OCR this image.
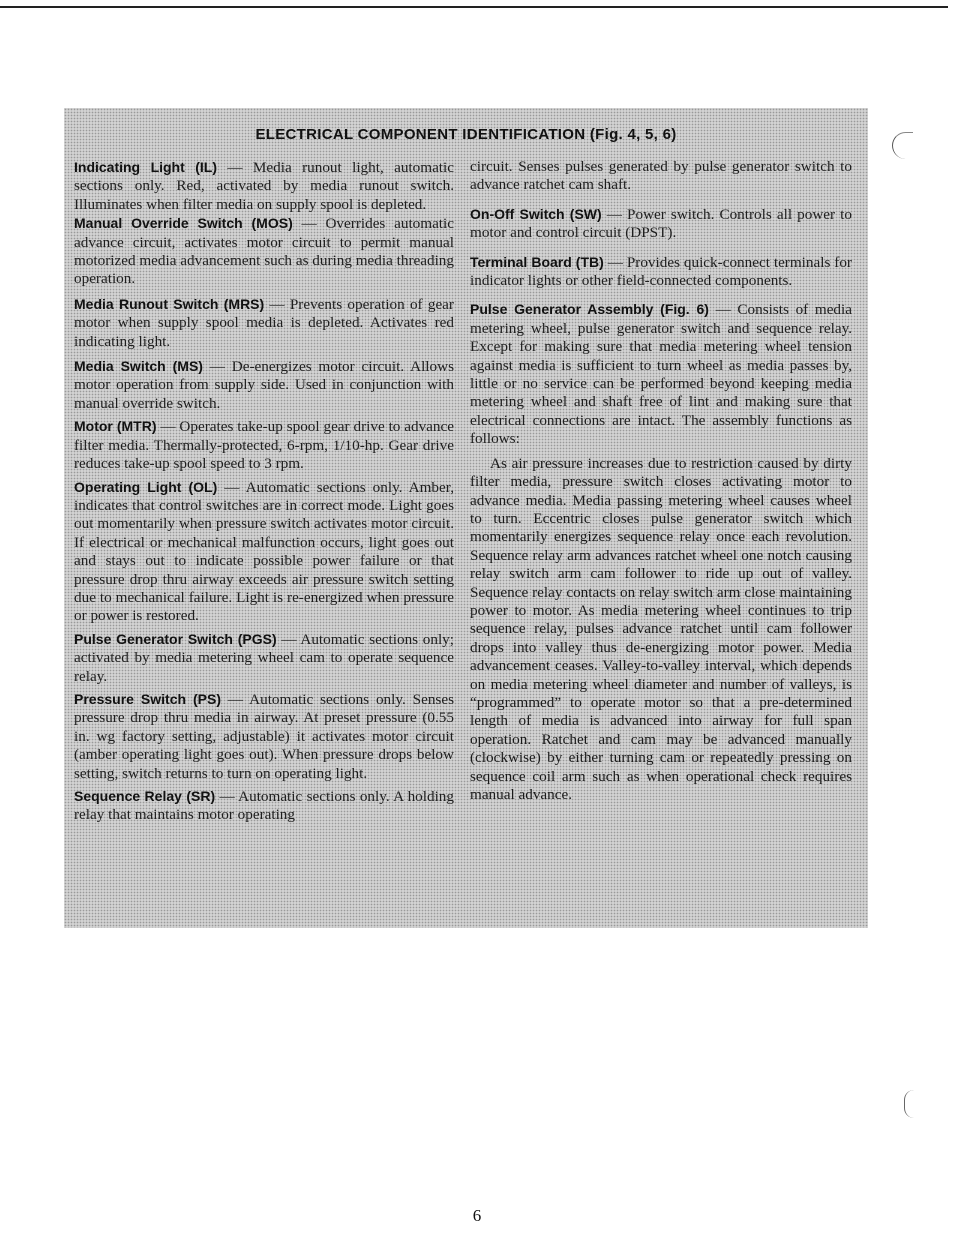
ELECTRICAL COMPONENT IDENTIFICATION (Fig. 4, 5, 6)
Indicating Light (IL) — Media runout light, automatic sections only. Red, activated by media runout switch. Illuminates when filter media on supply spool is depleted.
Manual Override Switch (MOS) — Overrides automatic advance circuit, activates motor circuit to permit manual motorized media advancement such as during media threading operation.
Media Runout Switch (MRS) — Prevents operation of gear motor when supply spool media is depleted. Activates red indicating light.
Media Switch (MS) — De-energizes motor circuit. Allows motor operation from supply side. Used in conjunction with manual override switch.
Motor (MTR) — Operates take-up spool gear drive to advance filter media. Thermally-protected, 6-rpm, 1/10-hp. Gear drive reduces take-up spool speed to 3 rpm.
Operating Light (OL) — Automatic sections only. Amber, indicates that control switches are in correct mode. Light goes out momentarily when pressure switch activates motor circuit. If electrical or mechanical malfunction occurs, light goes out and stays out to indicate possible power failure or that pressure drop thru airway exceeds air pressure switch setting due to mechanical failure. Light is re-energized when pressure or power is restored.
Pulse Generator Switch (PGS) — Automatic sections only; activated by media metering wheel cam to operate sequence relay.
Pressure Switch (PS) — Automatic sections only. Senses pressure drop thru media in airway. At preset pressure (0.55 in. wg factory setting, adjustable) it activates motor circuit (amber operating light goes out). When pressure drops below setting, switch returns to turn on operating light.
Sequence Relay (SR) — Automatic sections only. A holding relay that maintains motor operating
circuit. Senses pulses generated by pulse generator switch to advance ratchet cam shaft.
On-Off Switch (SW) — Power switch. Controls all power to motor and control circuit (DPST).
Terminal Board (TB) — Provides quick-connect terminals for indicator lights or other field-connected components.
Pulse Generator Assembly (Fig. 6) — Consists of media metering wheel, pulse generator switch and sequence relay. Except for making sure that media metering wheel tension against media is sufficient to turn wheel as media passes by, little or no service can be performed beyond keeping media metering wheel and shaft free of lint and making sure that electrical connections are intact. The assembly functions as follows:

As air pressure increases due to restriction caused by dirty filter media, pressure switch closes activating motor to advance media. Media passing metering wheel causes wheel to turn. Eccentric closes pulse generator switch which momentarily energizes sequence relay once each revolution. Sequence relay arm advances ratchet wheel one notch causing relay switch arm cam follower to ride up out of valley. Sequence relay contacts on relay switch arm close maintaining power to motor. As media metering wheel continues to trip sequence relay, pulses advance ratchet until cam follower drops into valley thus de-energizing motor power. Media advancement ceases. Valley-to-valley interval, which depends on media metering wheel diameter and number of valleys, is “programmed” to operate motor so that a pre-determined length of media is advanced into airway for full span operation. Ratchet and cam may be advanced manually (clockwise) by either turning cam or repeatedly pressing on sequence coil arm such as when operational check requires manual advance.

6
